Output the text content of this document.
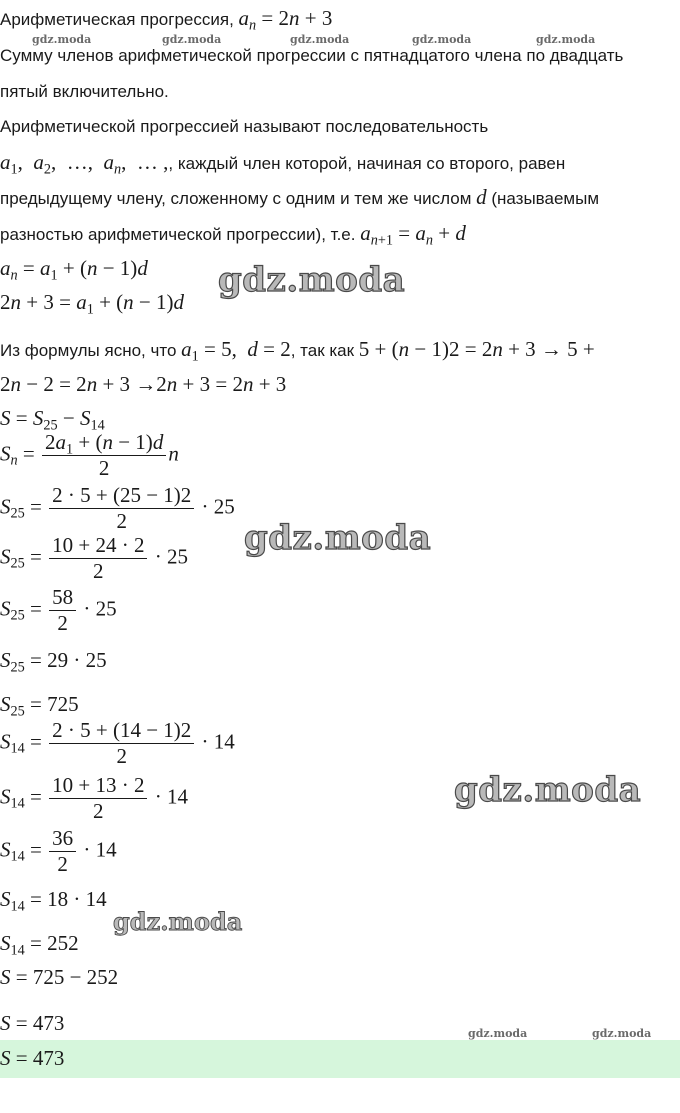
Арифметическая прогрессия, $a_n = 2n + 3$
gdz.moda	gdz.moda	gdz.moda	gdz.moda	gdz.moda
Сумму членов арифметической прогрессии с пятнадцатого члена по двадцать
пятый включительно.
Арифметической прогрессией называют последовательность
$a_1$,  $a_2$,  …,  $a_n$,  … ,, каждый член которой, начиная со второго, равен
предыдущему члену, сложенному с одним и тем же числом d (называемым
разностью арифметической прогрессии), т.е. $a_{n+1} = a_n + d$
$a_n = a_1 + (n - 1)d$
$2n + 3 = a_1 + (n - 1)d$
gdz.moda
Из формулы ясно, что $a_1 = 5$,  d = 2, так как 5 + (n − 1)2 = 2n + 3 → 5 +
2n − 2 = 2n + 3 →2n + 3 = 2n + 3
$S = S_{25} - S_{14}$
$S_n = \frac{2a_1 + (n - 1)d}{2}$ n
$S_{25} = \frac{2 \cdot 5 + (25 - 1)2}{2} \cdot 25$
gdz.moda
$S_{25} = \frac{10 + 24 \cdot 2}{2} \cdot 25$
$S_{25} = \frac{58}{2} \cdot 25$
$S_{25} = 29 \cdot 25$
$S_{25} = 725$
$S_{14} = \frac{2 \cdot 5 + (14 - 1)2}{2} \cdot 14$
gdz.moda
$S_{14} = \frac{10 + 13 \cdot 2}{2} \cdot 14$
$S_{14} = \frac{36}{2} \cdot 14$
$S_{14} = 18 \cdot 14$
gdz.moda
$S_{14} = 252$
S = 725 − 252
S = 473	gdz.moda	gdz.moda
S = 473
